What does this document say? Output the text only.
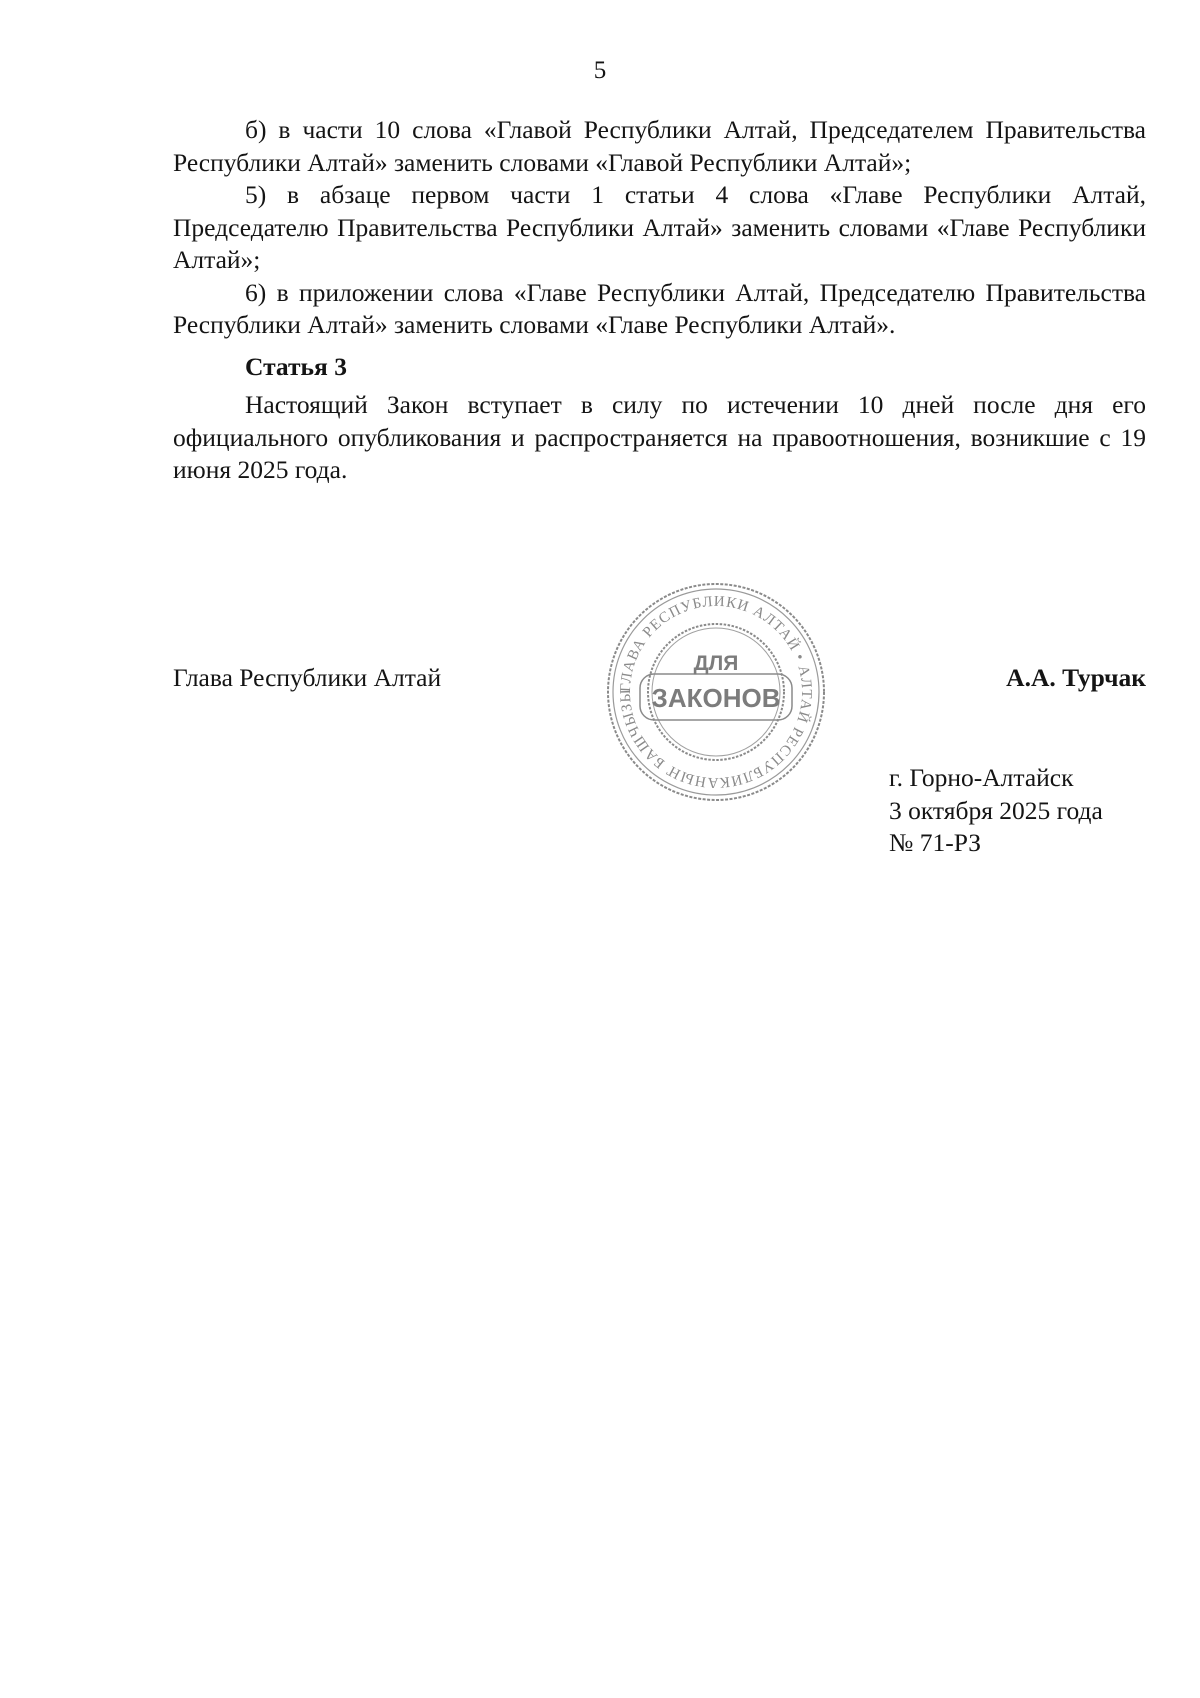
5

б) в части 10 слова «Главой Республики Алтай, Председателем Правительства Республики Алтай» заменить словами «Главой Республики Алтай»;

5) в абзаце первом части 1 статьи 4 слова «Главе Республики Алтай, Председателю Правительства Республики Алтай» заменить словами «Главе Республики Алтай»;

6) в приложении слова «Главе Республики Алтай, Председателю Правительства Республики Алтай» заменить словами «Главе Республики Алтай».

Статья 3

Настоящий Закон вступает в силу по истечении 10 дней после дня его официального опубликования и распространяется на правоотношения, возникшие с 19 июня 2025 года.

Глава Республики Алтай	ГЛАВА РЕСПУБЛИКИ АЛТАЙ • АЛТАЙ РЕСПУБЛИКАНЫҤ БАШЧЫЗЫ
ДЛЯ
ЗАКОНОВ
А.А. Турчак
г. Горно-Алтайск
3 октября 2025 года
№ 71-РЗ
